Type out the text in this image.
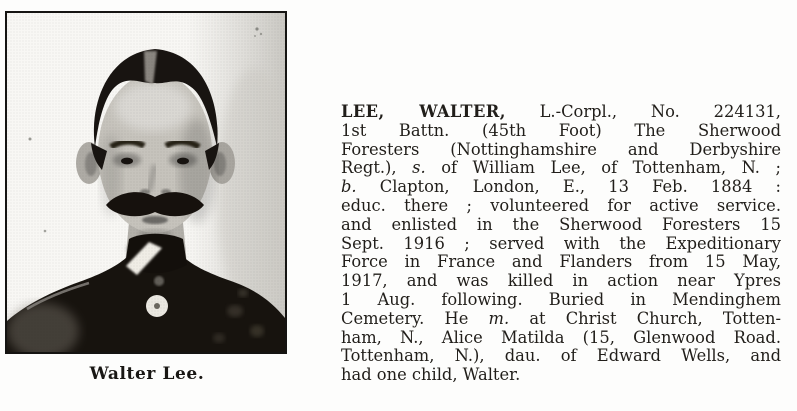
Walter Lee.
LEE, WALTER, L.-Corpl., No. 224131,
1st Battn. (45th Foot) The Sherwood
Foresters (Nottinghamshire and Derbyshire
Regt.), s. of William Lee, of Tottenham, N. ;
b. Clapton, London, E., 13 Feb. 1884 :
educ. there ; volunteered for active service.
and enlisted in the Sherwood Foresters 15
Sept. 1916 ; served with the Expeditionary
Force in France and Flanders from 15 May,
1917, and was killed in action near Ypres
1 Aug. following. Buried in Mendinghem
Cemetery. He m. at Christ Church, Totten-
ham, N., Alice Matilda (15, Glenwood Road.
Tottenham, N.), dau. of Edward Wells, and
had one child, Walter.
